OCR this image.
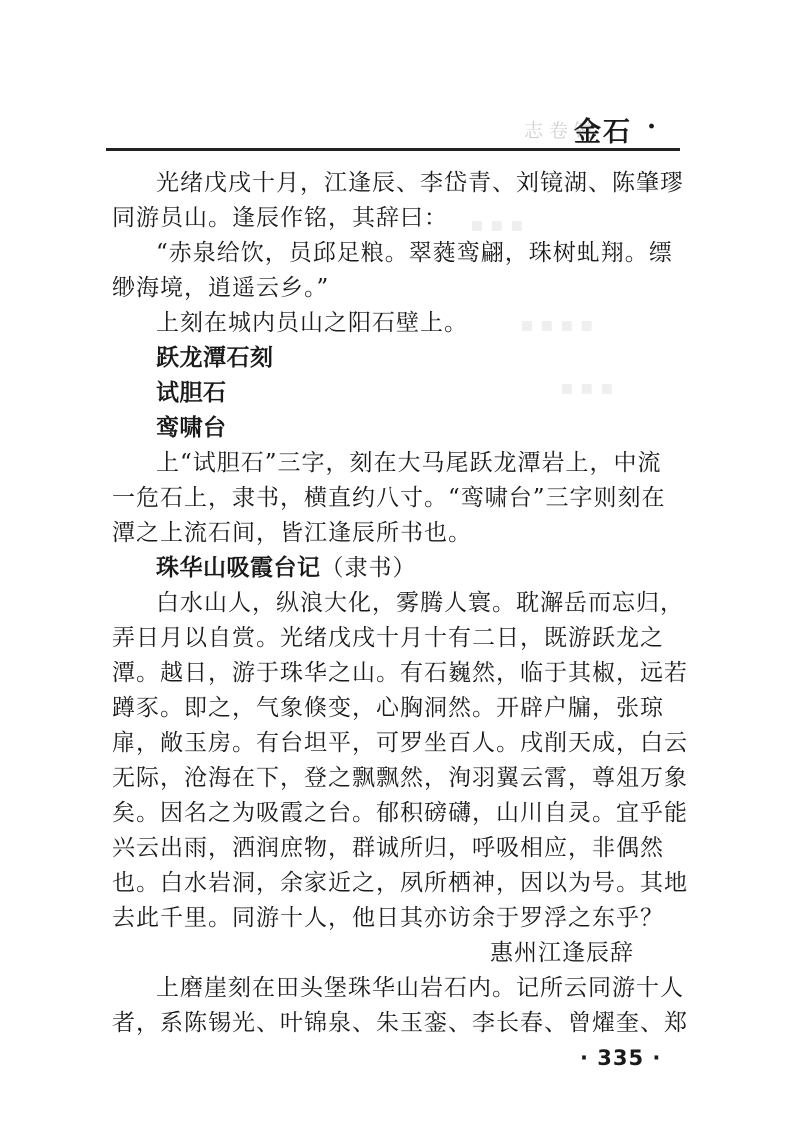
志 卷 锐
金石 ·
▪ ▪ ▪
▪ ▪ ▪ ▪
▪ ▪ ▪
光绪戊戌十月，江逢辰、李岱青、刘镜湖、陈肇璆
同游员山。逢辰作铭，其辞曰：
“赤泉给饮，员邱足粮。翠蕤鸾翩，珠树虬翔。缥
缈海境，逍遥云乡。”
上刻在城内员山之阳石壁上。
跃龙潭石刻
试胆石
鸾啸台
上“试胆石”三字，刻在大马尾跃龙潭岩上，中流
一危石上，隶书，横直约八寸。“鸾啸台”三字则刻在
潭之上流石间，皆江逢辰所书也。
珠华山吸霞台记（隶书）
白水山人，纵浪大化，雾腾人寰。耽澥岳而忘归，
弄日月以自赏。光绪戊戌十月十有二日，既游跃龙之
潭。越日，游于珠华之山。有石巍然，临于其椒，远若
蹲豕。即之，气象倏变，心胸洞然。开辟户牖，张琼
扉，敞玉房。有台坦平，可罗坐百人。戌削天成，白云
无际，沧海在下，登之飘飘然，洵羽翼云霄，尊俎万象
矣。因名之为吸霞之台。郁积磅礴，山川自灵。宜乎能
兴云出雨，洒润庶物，群诚所归，呼吸相应，非偶然
也。白水岩洞，余家近之，夙所栖神，因以为号。其地
去此千里。同游十人，他日其亦访余于罗浮之东乎？
惠州江逢辰辞
上磨崖刻在田头堡珠华山岩石内。记所云同游十人
者，系陈锡光、叶锦泉、朱玉銮、李长春、曾燿奎、郑
· 335 ·
